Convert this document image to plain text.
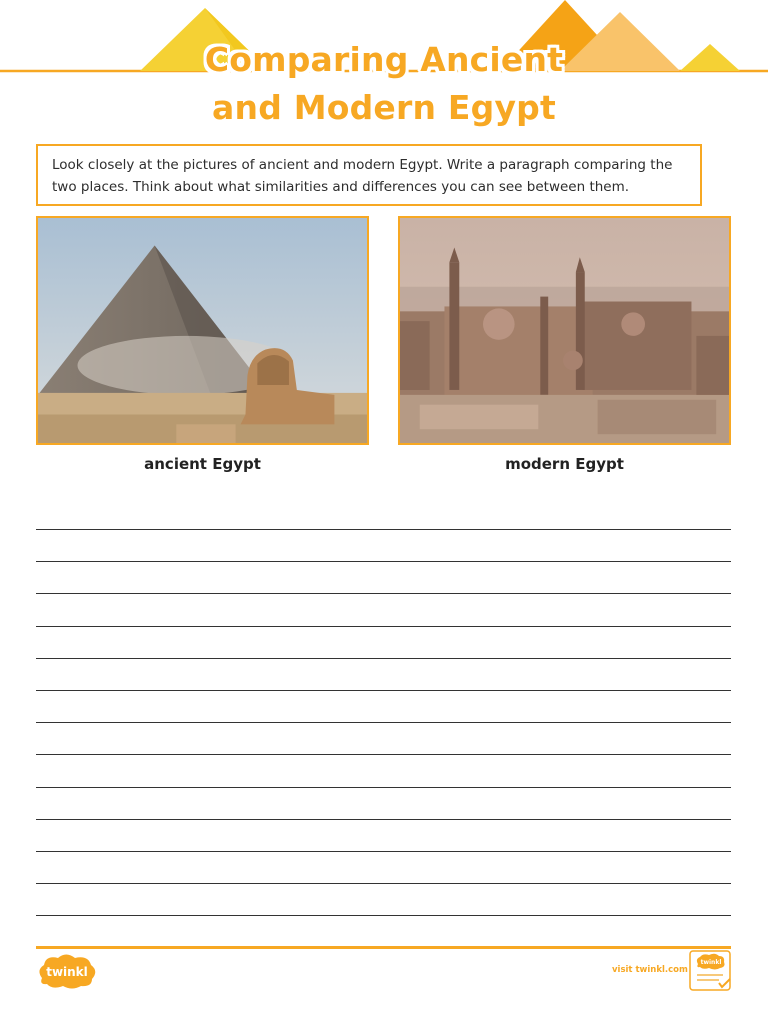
Comparing Ancient
and Modern Egypt
Look closely at the pictures of ancient and modern Egypt. Write a paragraph comparing the two places. Think about what similarities and differences you can see between them.
ancient Egypt	modern Egypt
twinkl	visit twinkl.com
twinkl
